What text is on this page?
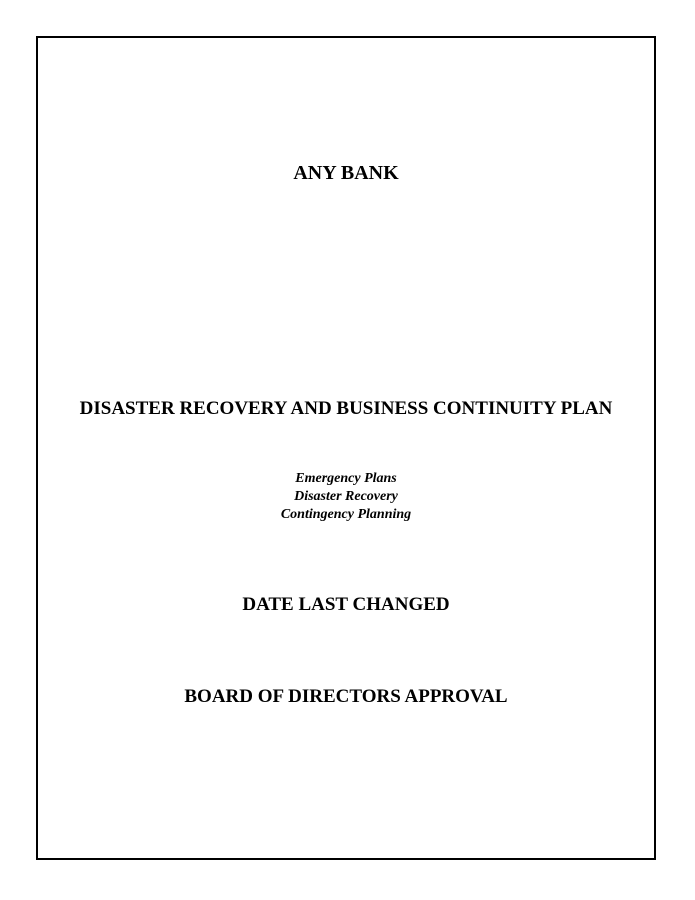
ANY BANK
DISASTER RECOVERY AND BUSINESS CONTINUITY PLAN
Emergency Plans
Disaster Recovery
Contingency Planning
DATE LAST CHANGED
BOARD OF DIRECTORS APPROVAL
